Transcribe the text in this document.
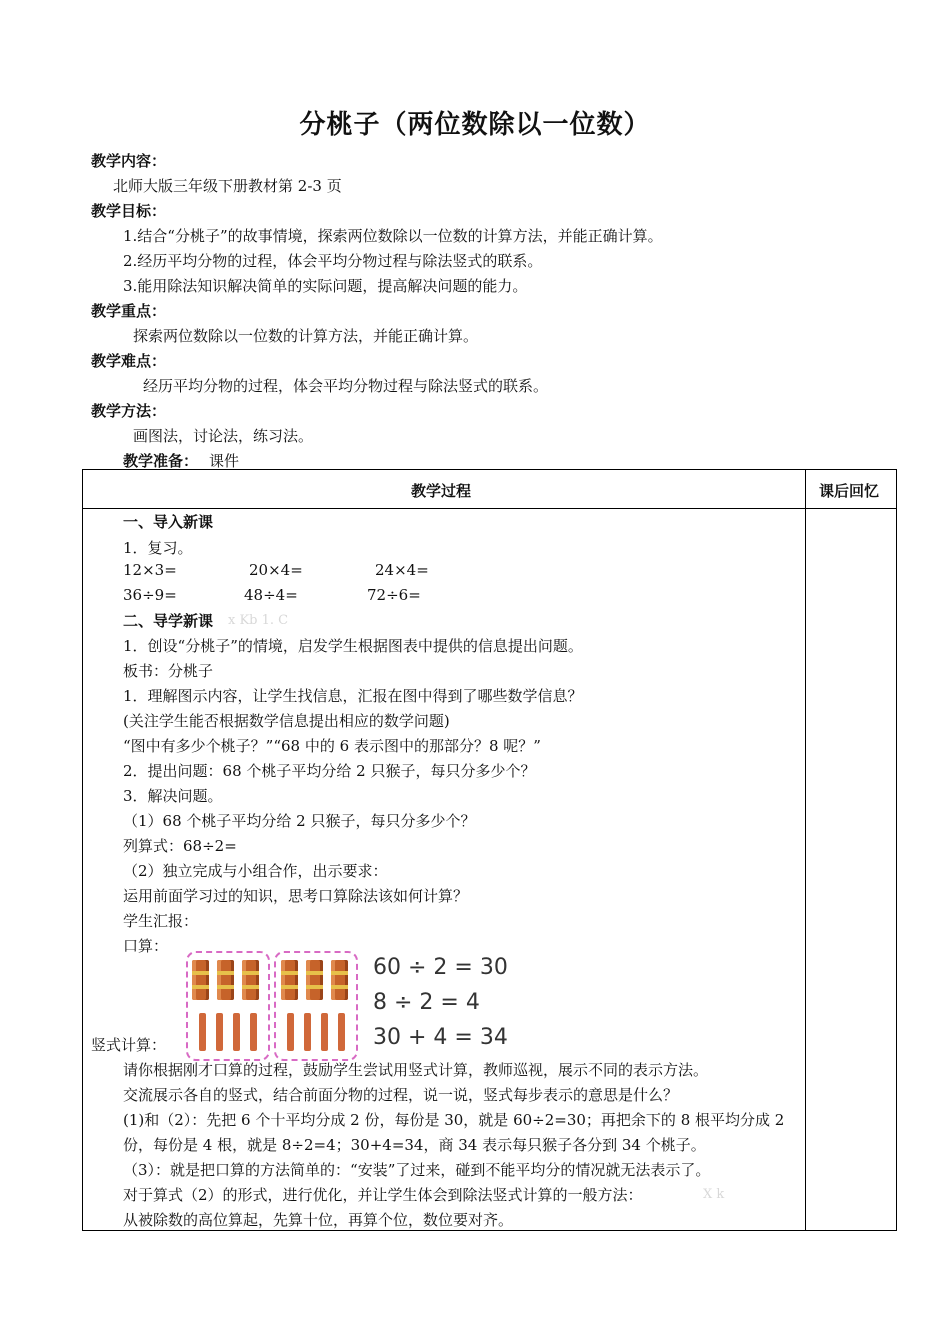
分桃子（两位数除以一位数）
教学内容：
北师大版三年级下册教材第 2-3 页
教学目标：
1.结合“分桃子”的故事情境，探索两位数除以一位数的计算方法，并能正确计算。
2.经历平均分物的过程，体会平均分物过程与除法竖式的联系。
3.能用除法知识解决简单的实际问题，提高解决问题的能力。
教学重点：
探索两位数除以一位数的计算方法，并能正确计算。
教学难点：
经历平均分物的过程，体会平均分物过程与除法竖式的联系。
教学方法：
画图法，讨论法，练习法。
教学准备： 课件
教学过程	课后回忆
一、导入新课
1．复习。
12×3=	20×4=	24×4=
36÷9=	48÷4=	72÷6=
二、导学新课 x Kb 1. C
1．创设“分桃子”的情境，启发学生根据图表中提供的信息提出问题。
板书：分桃子
1．理解图示内容，让学生找信息，汇报在图中得到了哪些数学信息？
(关注学生能否根据数学信息提出相应的数学问题)
“图中有多少个桃子？”“68 中的 6 表示图中的那部分？8 呢？”
2．提出问题：68 个桃子平均分给 2 只猴子，每只分多少个？
3．解决问题。
（1）68 个桃子平均分给 2 只猴子，每只分多少个？
列算式：68÷2=
（2）独立完成与小组合作，出示要求：
运用前面学习过的知识，思考口算除法该如何计算？
学生汇报：
口算：
60 ÷ 2 = 30
8 ÷ 2 = 4
30 + 4 = 34
竖式计算：
请你根据刚才口算的过程，鼓励学生尝试用竖式计算，教师巡视，展示不同的表示方法。
交流展示各自的竖式，结合前面分物的过程，说一说，竖式每步表示的意思是什么？
(1)和（2）：先把 6 个十平均分成 2 份，每份是 30，就是 60÷2=30；再把余下的 8 根平均分成 2
份，每份是 4 根，就是 8÷2=4；30+4=34，商 34 表示每只猴子各分到 34 个桃子。
（3）：就是把口算的方法简单的：“安装”了过来，碰到不能平均分的情况就无法表示了。
对于算式（2）的形式，进行优化，并让学生体会到除法竖式计算的一般方法：	X k
从被除数的高位算起，先算十位，再算个位，数位要对齐。
